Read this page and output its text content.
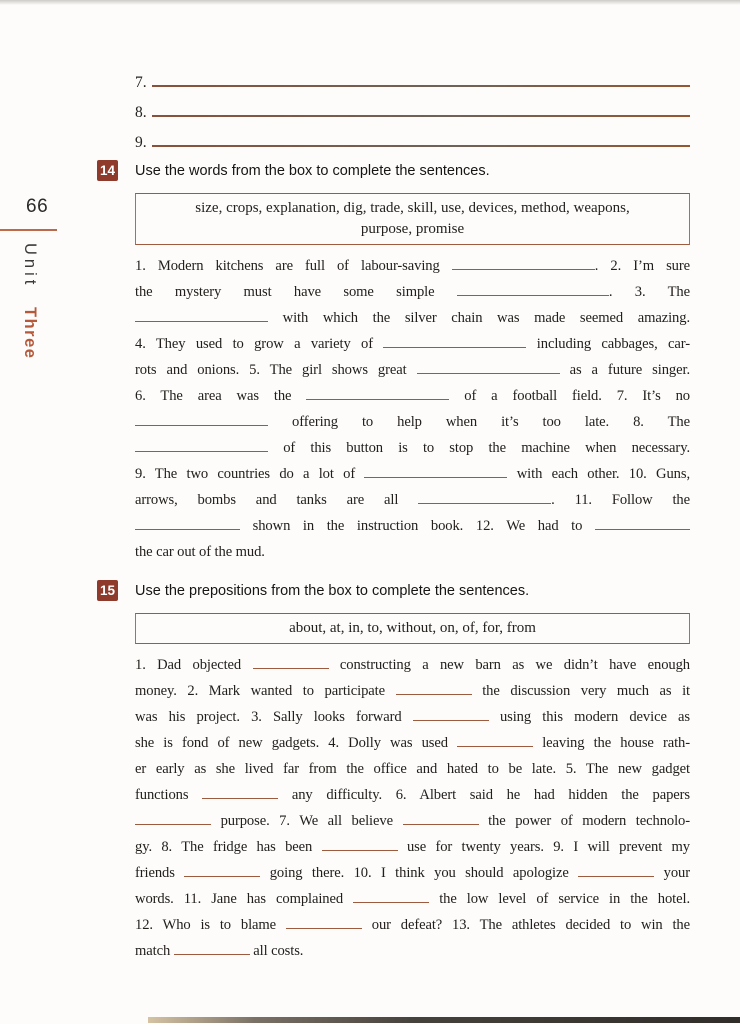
66
Unit Three
7.
8.
9.
14 Use the words from the box to complete the sentences.
size, crops, explanation, dig, trade, skill, use, devices, method, weapons,
purpose, promise
1. Modern kitchens are full of labour-saving	. 2. I’m sure
the mystery must have some simple	. 3. The
with which the silver chain was made seemed amazing.
4. They used to grow a variety of	including cabbages, car-
rots and onions. 5. The girl shows great	as a future singer.
6. The area was the	of a football field. 7. It’s no
offering to help when it’s too late. 8. The
of this button is to stop the machine when necessary.
9. The two countries do a lot of	with each other. 10. Guns,
arrows, bombs and tanks are all	. 11. Follow the
shown in the instruction book. 12. We had to
the car out of the mud.
15 Use the prepositions from the box to complete the sentences.
about, at, in, to, without, on, of, for, from
1. Dad objected	constructing a new barn as we didn’t have enough
money. 2. Mark wanted to participate	the discussion very much as it
was his project. 3. Sally looks forward	using this modern device as
she is fond of new gadgets. 4. Dolly was used	leaving the house rath-
er early as she lived far from the office and hated to be late. 5. The new gadget
functions	any difficulty. 6. Albert said he had hidden the papers
purpose. 7. We all believe	the power of modern technolo-
gy. 8. The fridge has been	use for twenty years. 9. I will prevent my
friends	going there. 10. I think you should apologize	your
words. 11. Jane has complained	the low level of service in the hotel.
12. Who is to blame	our defeat? 13. The athletes decided to win the
match	all costs.
